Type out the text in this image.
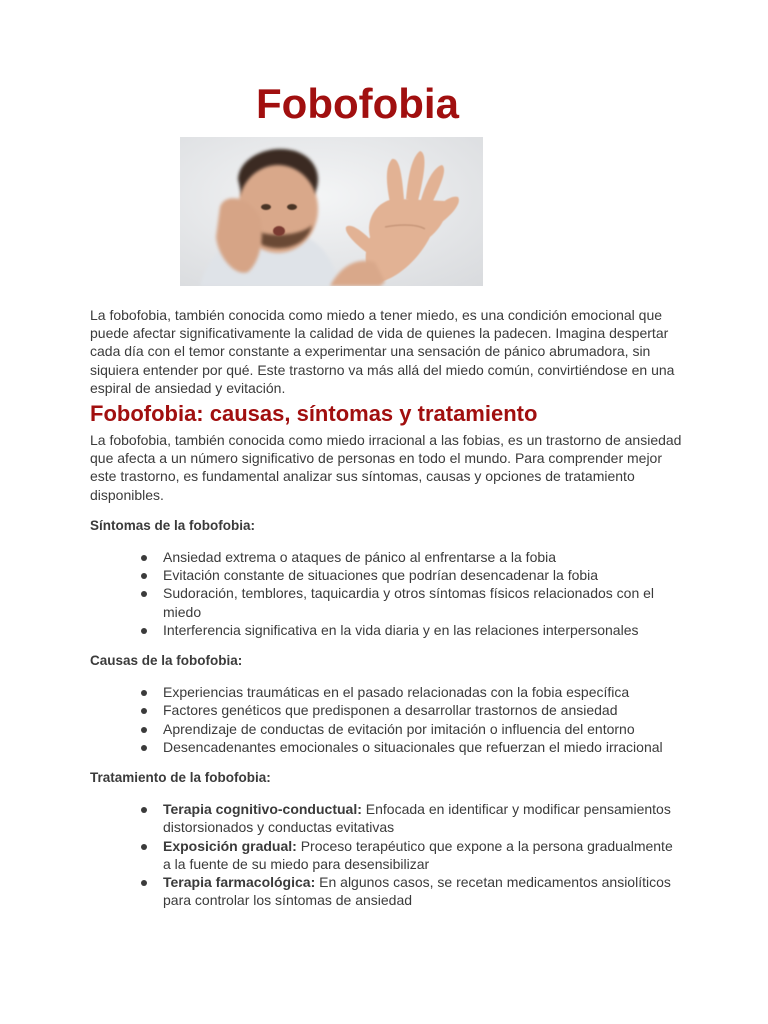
Fobofobia

La fobofobia, también conocida como miedo a tener miedo, es una condición emocional que puede afectar significativamente la calidad de vida de quienes la padecen. Imagina despertar cada día con el temor constante a experimentar una sensación de pánico abrumadora, sin siquiera entender por qué. Este trastorno va más allá del miedo común, convirtiéndose en una espiral de ansiedad y evitación.

Fobofobia: causas, síntomas y tratamiento

La fobofobia, también conocida como miedo irracional a las fobias, es un trastorno de ansiedad que afecta a un número significativo de personas en todo el mundo. Para comprender mejor este trastorno, es fundamental analizar sus síntomas, causas y opciones de tratamiento disponibles.

Síntomas de la fobofobia:

Ansiedad extrema o ataques de pánico al enfrentarse a la fobia
Evitación constante de situaciones que podrían desencadenar la fobia
Sudoración, temblores, taquicardia y otros síntomas físicos relacionados con el miedo
Interferencia significativa en la vida diaria y en las relaciones interpersonales

Causas de la fobofobia:

Experiencias traumáticas en el pasado relacionadas con la fobia específica
Factores genéticos que predisponen a desarrollar trastornos de ansiedad
Aprendizaje de conductas de evitación por imitación o influencia del entorno
Desencadenantes emocionales o situacionales que refuerzan el miedo irracional

Tratamiento de la fobofobia:

Terapia cognitivo-conductual: Enfocada en identificar y modificar pensamientos distorsionados y conductas evitativas
Exposición gradual: Proceso terapéutico que expone a la persona gradualmente a la fuente de su miedo para desensibilizar
Terapia farmacológica: En algunos casos, se recetan medicamentos ansiolíticos para controlar los síntomas de ansiedad
